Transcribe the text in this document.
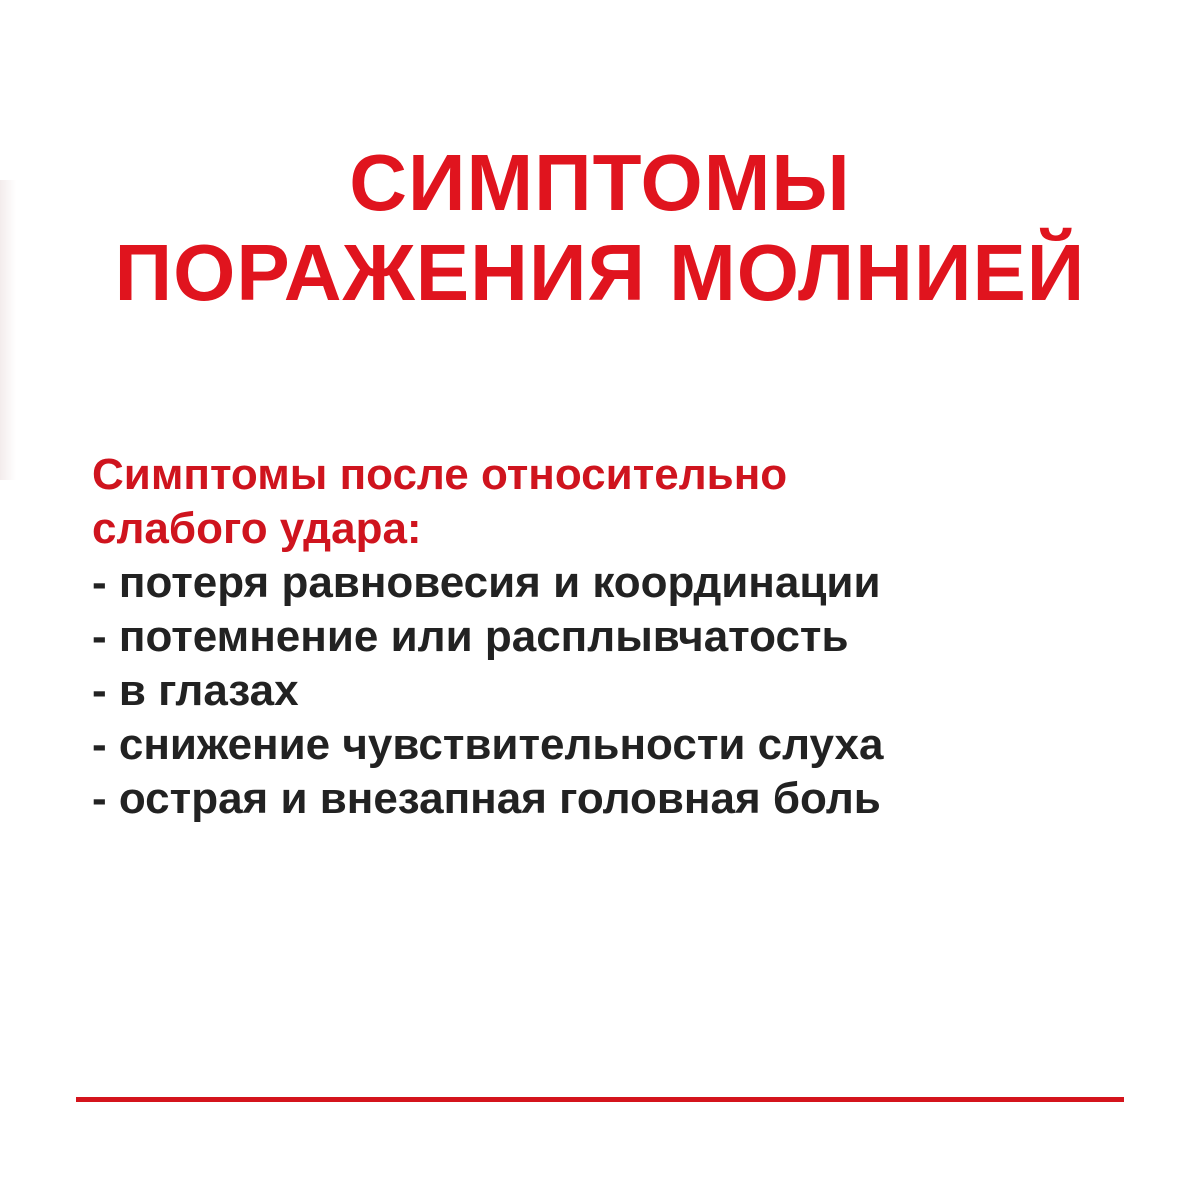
СИМПТОМЫ
ПОРАЖЕНИЯ МОЛНИЕЙ
Симптомы после относительно
слабого удара:
- потеря равновесия и координации
- потемнение или расплывчатость
- в глазах
- снижение чувствительности слуха
- острая и внезапная головная боль
